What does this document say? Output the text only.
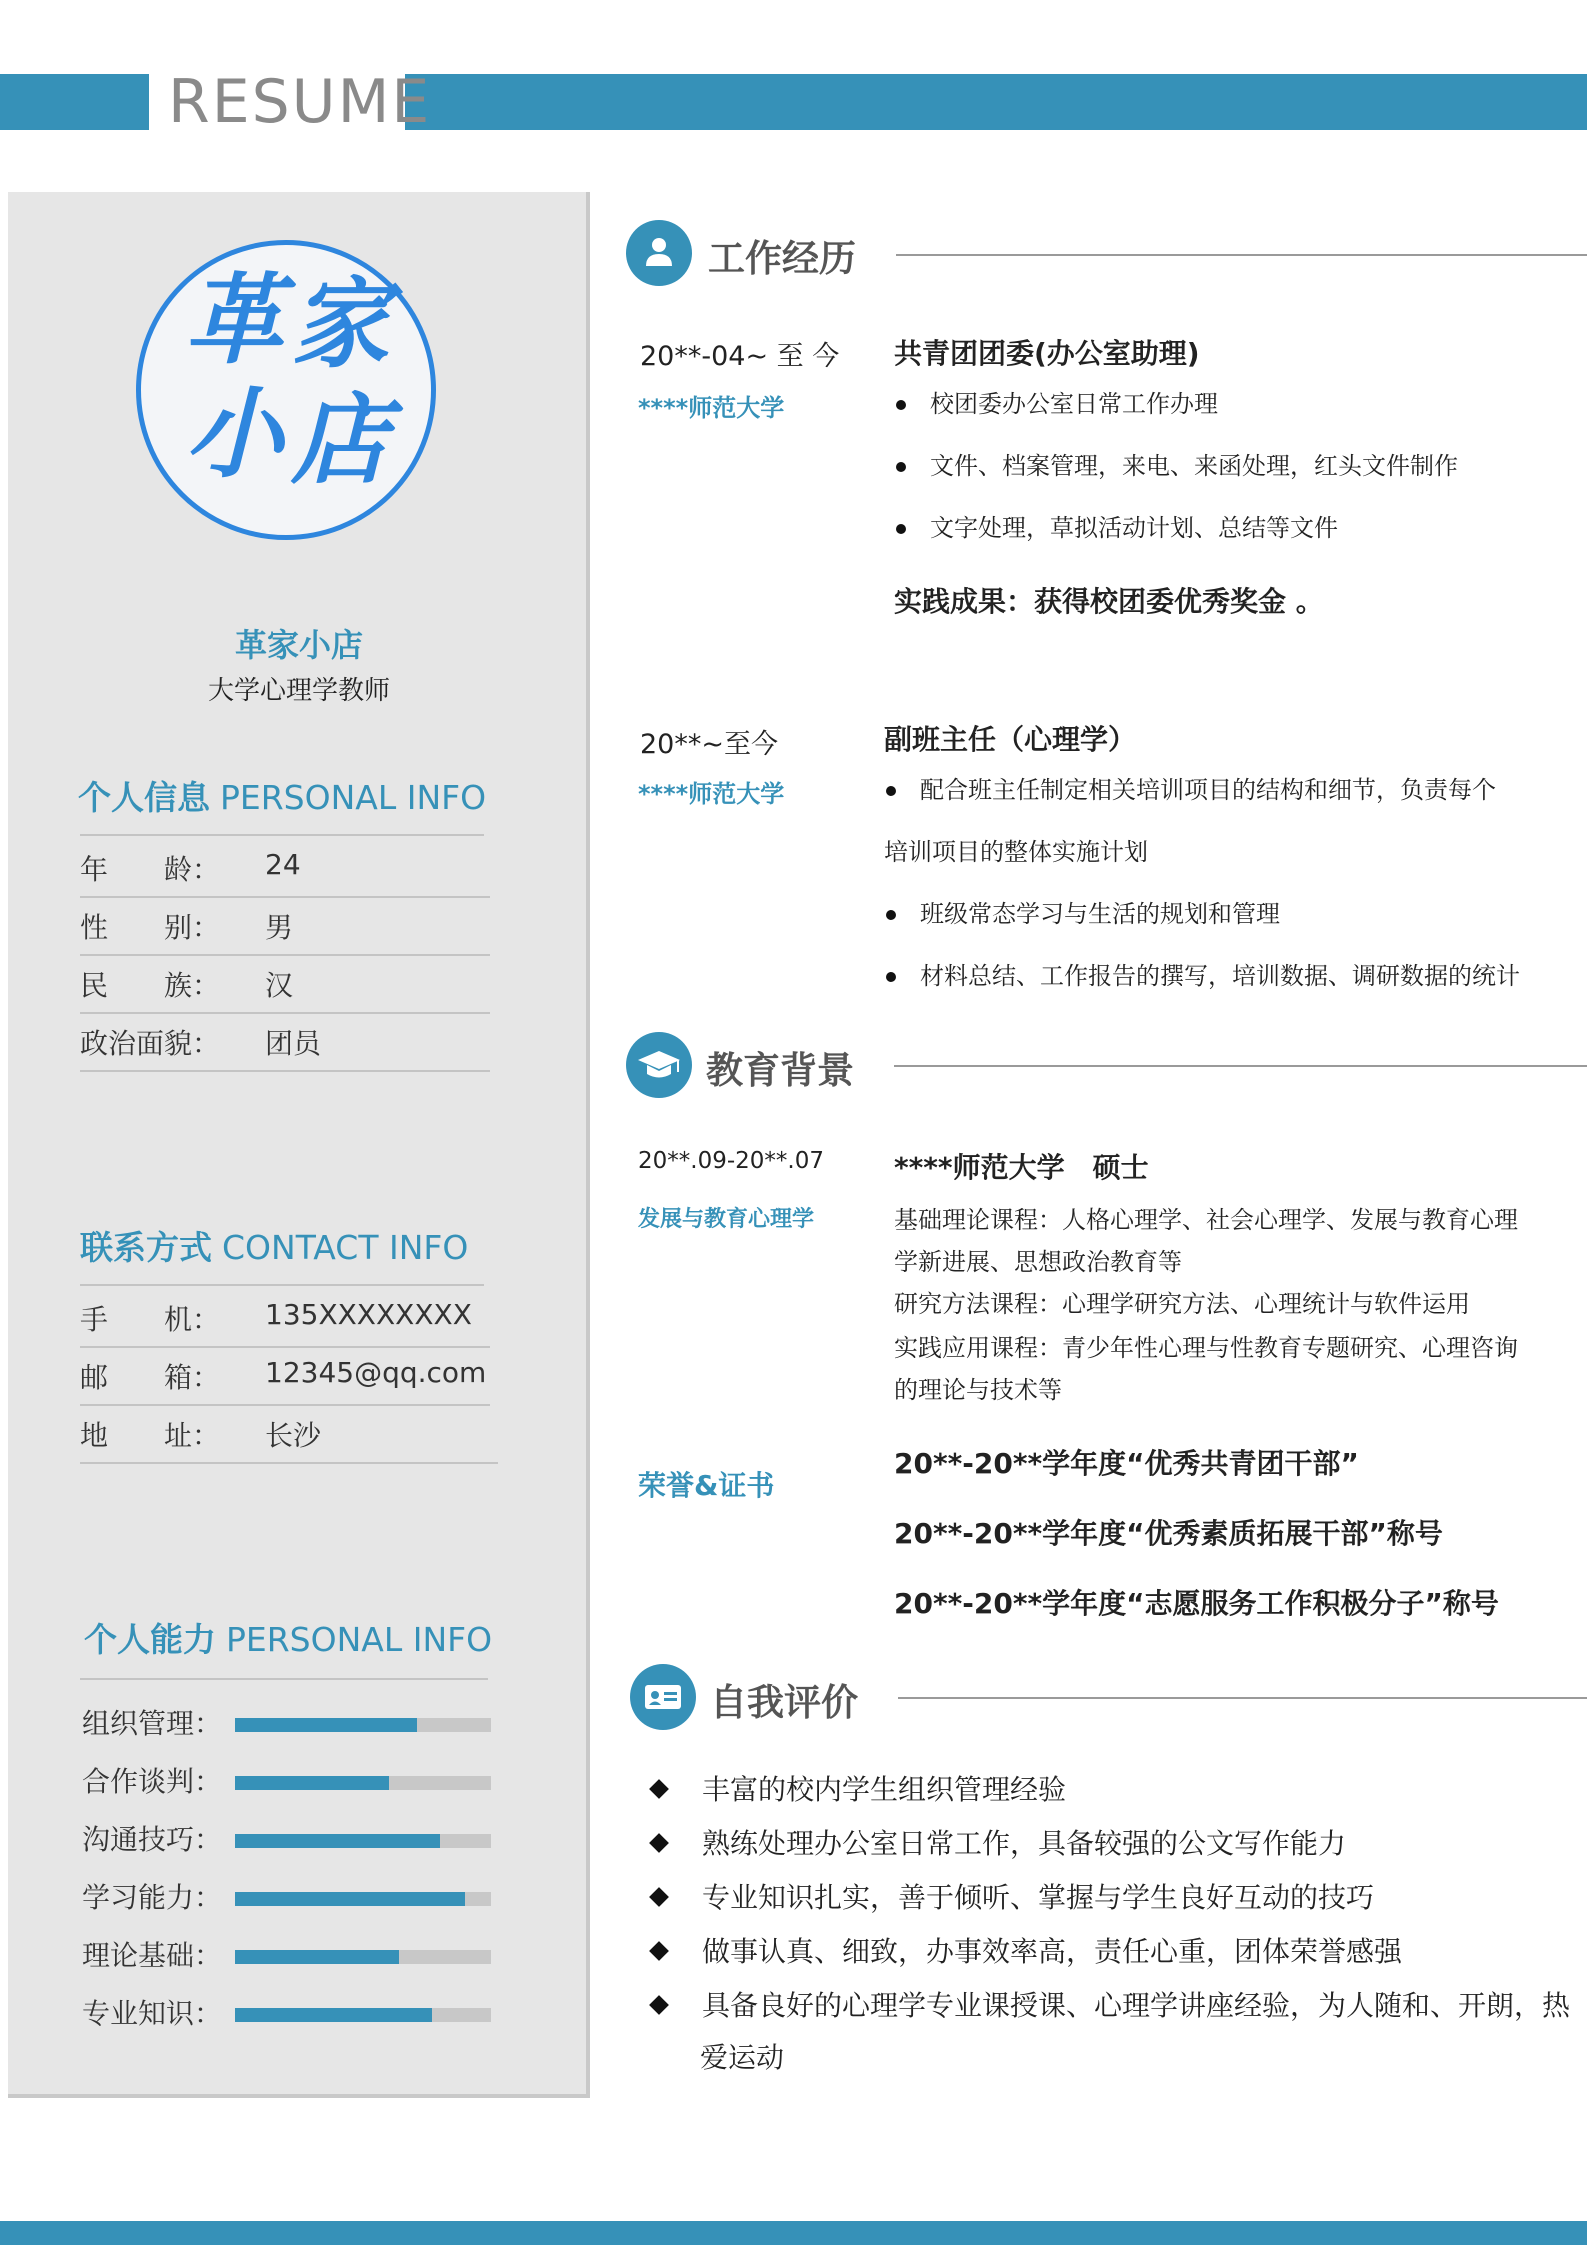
RESUME
革 家
小 店
革家小店
大学心理学教师
个人信息 PERSONAL INFO
年　　龄：	24
性　　别：	男
民　　族：	汉
政治面貌：	团员
联系方式 CONTACT INFO
手　　机：	135XXXXXXXX
邮　　箱：	12345@qq.com
地　　址：	长沙
个人能力 PERSONAL INFO
组织管理：
合作谈判：
沟通技巧：
学习能力：
理论基础：
专业知识：
工作经历
20**-04~ 至 今
****师范大学
共青团团委(办公室助理)
校团委办公室日常工作办理
文件、档案管理，来电、来函处理，红头文件制作
文字处理，草拟活动计划、总结等文件
实践成果：获得校团委优秀奖金 。
20**~至今
****师范大学
副班主任（心理学）
配合班主任制定相关培训项目的结构和细节，负责每个
培训项目的整体实施计划
班级常态学习与生活的规划和管理
材料总结、工作报告的撰写，培训数据、调研数据的统计
教育背景
20**.09-20**.07
发展与教育心理学
****师范大学　硕士
基础理论课程：人格心理学、社会心理学、发展与教育心理
学新进展、思想政治教育等
研究方法课程：心理学研究方法、心理统计与软件运用
实践应用课程：青少年性心理与性教育专题研究、心理咨询
的理论与技术等
荣誉&证书
20**-20**学年度“优秀共青团干部”
20**-20**学年度“优秀素质拓展干部”称号
20**-20**学年度“志愿服务工作积极分子”称号
自我评价
丰富的校内学生组织管理经验
熟练处理办公室日常工作，具备较强的公文写作能力
专业知识扎实，善于倾听、掌握与学生良好互动的技巧
做事认真、细致，办事效率高，责任心重，团体荣誉感强
具备良好的心理学专业课授课、心理学讲座经验，为人随和、开朗，热
爱运动
